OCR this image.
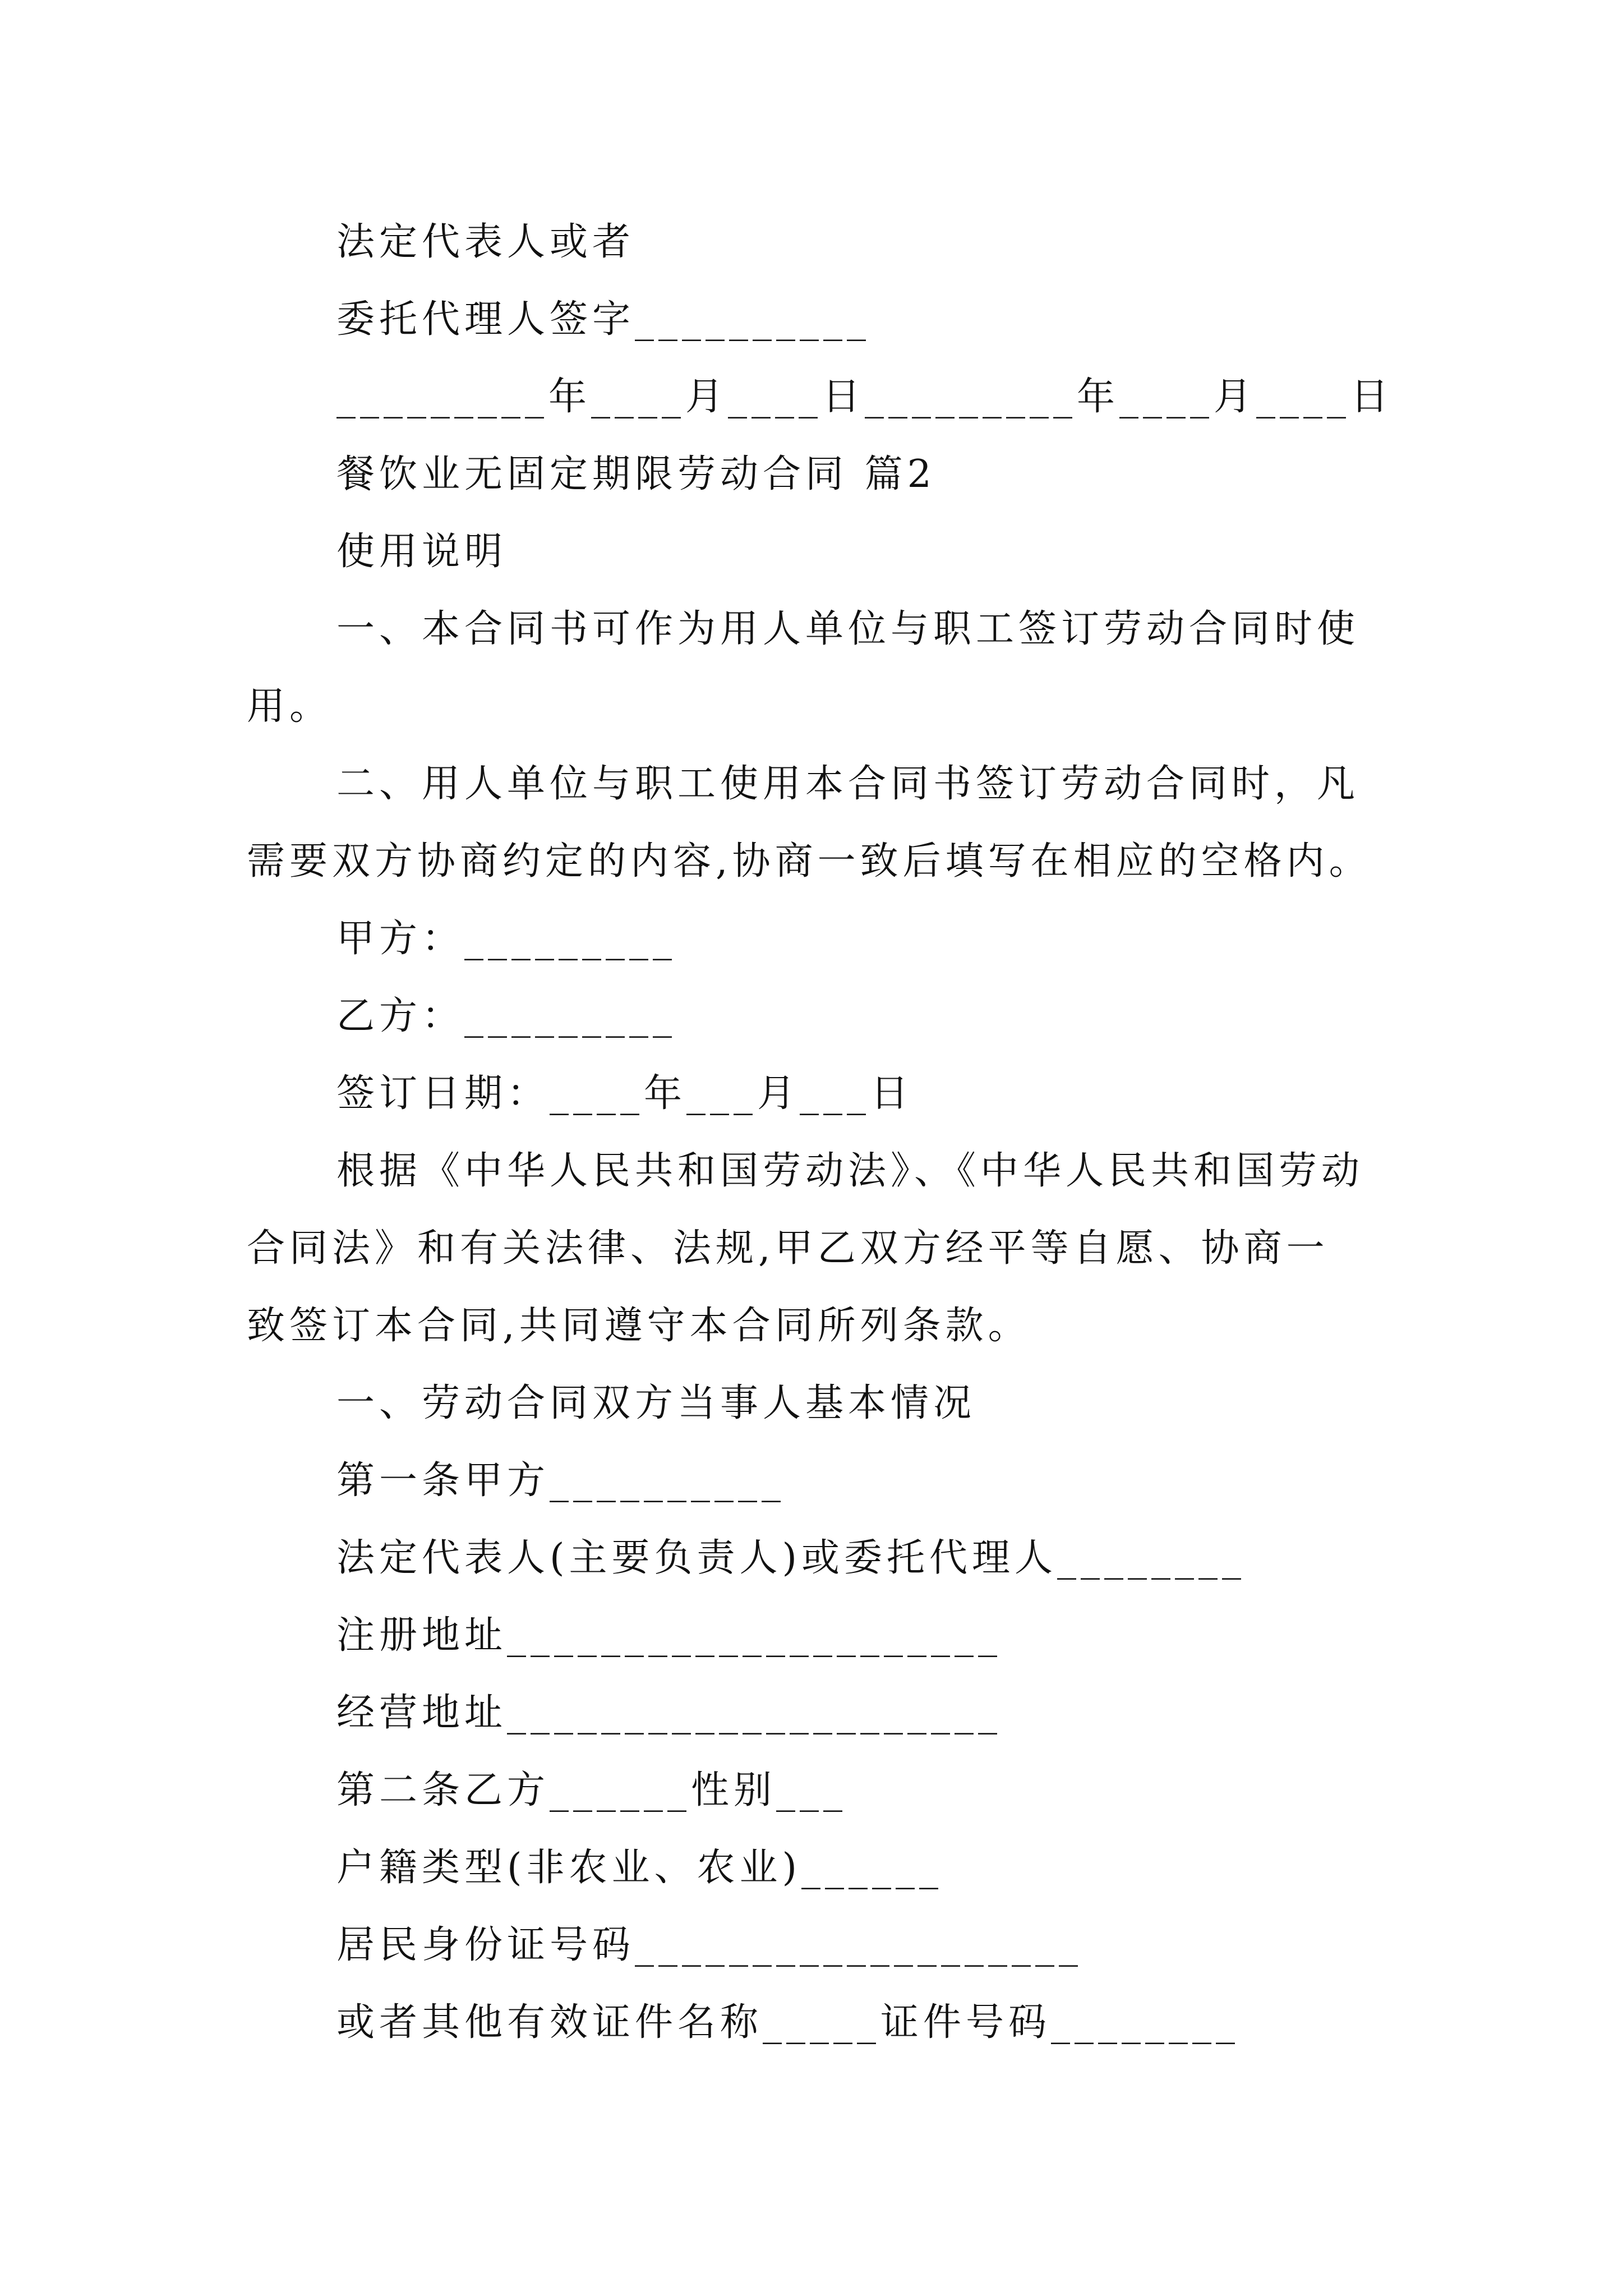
法定代表人或者
委托代理人签字__________
_________年____月____日_________年____月____日
餐饮业无固定期限劳动合同 篇2
使用说明
一、本合同书可作为用人单位与职工签订劳动合同时使
用。
二、用人单位与职工使用本合同书签订劳动合同时，凡
需要双方协商约定的内容,协商一致后填写在相应的空格内。
甲方：_________
乙方：_________
签订日期：____年___月___日
根据《中华人民共和国劳动法》、《中华人民共和国劳动
合同法》和有关法律、法规,甲乙双方经平等自愿、协商一
致签订本合同,共同遵守本合同所列条款。
一、劳动合同双方当事人基本情况
第一条甲方__________
法定代表人(主要负责人)或委托代理人________
注册地址_____________________
经营地址_____________________
第二条乙方______性别___
户籍类型(非农业、农业)______
居民身份证号码___________________
或者其他有效证件名称_____证件号码________
